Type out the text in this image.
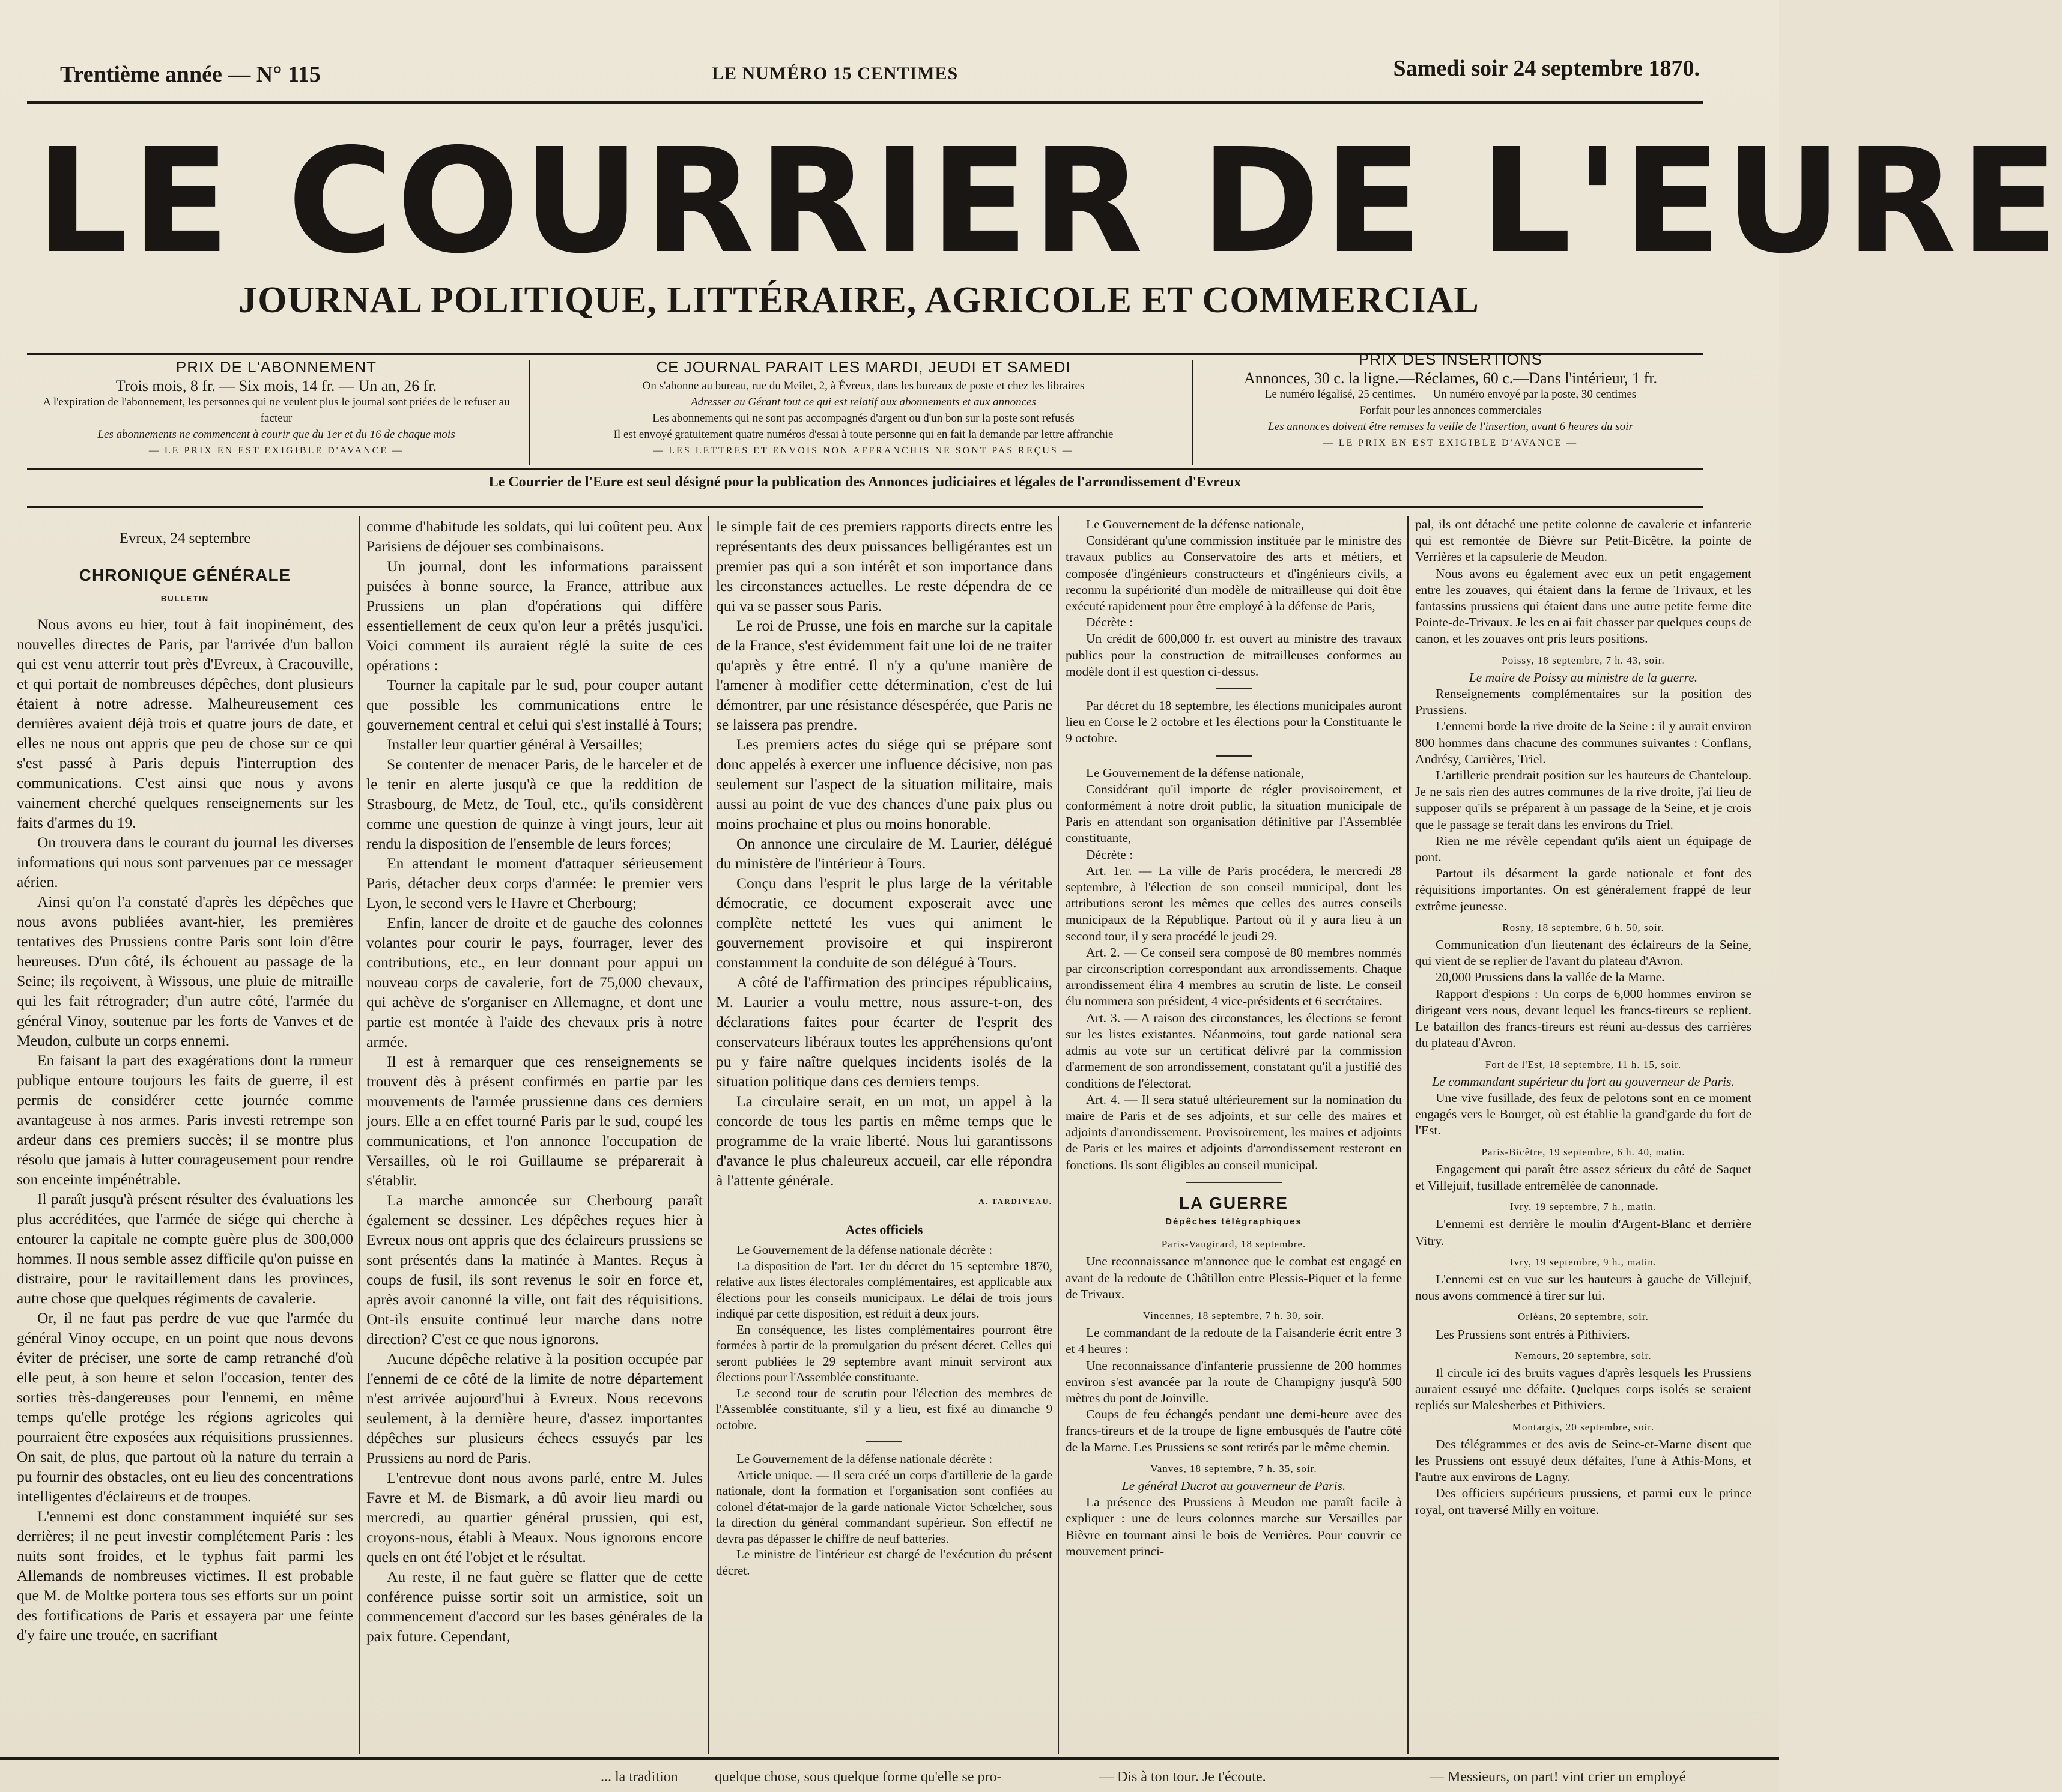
Trentième année — N° 115	LE NUMÉRO 15 CENTIMES	Samedi soir 24 septembre 1870.
LE COURRIER DE L'EURE
JOURNAL POLITIQUE, LITTÉRAIRE, AGRICOLE ET COMMERCIAL
PRIX DE L'ABONNEMENT
Trois mois, 8 fr. — Six mois, 14 fr. — Un an, 26 fr.
A l'expiration de l'abonnement, les personnes qui ne veulent plus le journal sont priées de le refuser au facteur
Les abonnements ne commencent à courir que du 1er et du 16 de chaque mois
— LE PRIX EN EST EXIGIBLE D'AVANCE —
CE JOURNAL PARAIT LES MARDI, JEUDI ET SAMEDI
On s'abonne au bureau, rue du Meilet, 2, à Évreux, dans les bureaux de poste et chez les libraires
Adresser au Gérant tout ce qui est relatif aux abonnements et aux annonces
Les abonnements qui ne sont pas accompagnés d'argent ou d'un bon sur la poste sont refusés
Il est envoyé gratuitement quatre numéros d'essai à toute personne qui en fait la demande par lettre affranchie
— LES LETTRES ET ENVOIS NON AFFRANCHIS NE SONT PAS REÇUS —
PRIX DES INSERTIONS
Annonces, 30 c. la ligne.—Réclames, 60 c.—Dans l'intérieur, 1 fr.
Le numéro légalisé, 25 centimes. — Un numéro envoyé par la poste, 30 centimes
Forfait pour les annonces commerciales
Les annonces doivent être remises la veille de l'insertion, avant 6 heures du soir
— LE PRIX EN EST EXIGIBLE D'AVANCE —
Le Courrier de l'Eure est seul désigné pour la publication des Annonces judiciaires et légales de l'arrondissement d'Evreux
Evreux, 24 septembre
CHRONIQUE GÉNÉRALE
BULLETIN

Nous avons eu hier, tout à fait inopinément, des nouvelles directes de Paris, par l'arrivée d'un ballon qui est venu atterrir tout près d'Evreux, à Cracouville, et qui portait de nombreuses dépêches, dont plusieurs étaient à notre adresse. Malheureusement ces dernières avaient déjà trois et quatre jours de date, et elles ne nous ont appris que peu de chose sur ce qui s'est passé à Paris depuis l'interruption des communications. C'est ainsi que nous y avons vainement cherché quelques renseignements sur les faits d'armes du 19.

On trouvera dans le courant du journal les diverses informations qui nous sont parvenues par ce messager aérien.

Ainsi qu'on l'a constaté d'après les dépêches que nous avons publiées avant-hier, les premières tentatives des Prussiens contre Paris sont loin d'être heureuses. D'un côté, ils échouent au passage de la Seine; ils reçoivent, à Wissous, une pluie de mitraille qui les fait rétrograder; d'un autre côté, l'armée du général Vinoy, soutenue par les forts de Vanves et de Meudon, culbute un corps ennemi.

En faisant la part des exagérations dont la rumeur publique entoure toujours les faits de guerre, il est permis de considérer cette journée comme avantageuse à nos armes. Paris investi retrempe son ardeur dans ces premiers succès; il se montre plus résolu que jamais à lutter courageusement pour rendre son enceinte impénétrable.

Il paraît jusqu'à présent résulter des évaluations les plus accréditées, que l'armée de siége qui cherche à entourer la capitale ne compte guère plus de 300,000 hommes. Il nous semble assez difficile qu'on puisse en distraire, pour le ravitaillement dans les provinces, autre chose que quelques régiments de cavalerie.

Or, il ne faut pas perdre de vue que l'armée du général Vinoy occupe, en un point que nous devons éviter de préciser, une sorte de camp retranché d'où elle peut, à son heure et selon l'occasion, tenter des sorties très-dangereuses pour l'ennemi, en même temps qu'elle protége les régions agricoles qui pourraient être exposées aux réquisitions prussiennes. On sait, de plus, que partout où la nature du terrain a pu fournir des obstacles, ont eu lieu des concentrations intelligentes d'éclaireurs et de troupes.

L'ennemi est donc constamment inquiété sur ses derrières; il ne peut investir complétement Paris : les nuits sont froides, et le typhus fait parmi les Allemands de nombreuses victimes. Il est probable que M. de Moltke portera tous ses efforts sur un point des fortifications de Paris et essayera par une feinte d'y faire une trouée, en sacrifiant

comme d'habitude les soldats, qui lui coûtent peu. Aux Parisiens de déjouer ses combinaisons.

Un journal, dont les informations paraissent puisées à bonne source, la France, attribue aux Prussiens un plan d'opérations qui diffère essentiellement de ceux qu'on leur a prêtés jusqu'ici. Voici comment ils auraient réglé la suite de ces opérations :

Tourner la capitale par le sud, pour couper autant que possible les communications entre le gouvernement central et celui qui s'est installé à Tours;

Installer leur quartier général à Versailles;

Se contenter de menacer Paris, de le harceler et de le tenir en alerte jusqu'à ce que la reddition de Strasbourg, de Metz, de Toul, etc., qu'ils considèrent comme une question de quinze à vingt jours, leur ait rendu la disposition de l'ensemble de leurs forces;

En attendant le moment d'attaquer sérieusement Paris, détacher deux corps d'armée: le premier vers Lyon, le second vers le Havre et Cherbourg;

Enfin, lancer de droite et de gauche des colonnes volantes pour courir le pays, fourrager, lever des contributions, etc., en leur donnant pour appui un nouveau corps de cavalerie, fort de 75,000 chevaux, qui achève de s'organiser en Allemagne, et dont une partie est montée à l'aide des chevaux pris à notre armée.

Il est à remarquer que ces renseignements se trouvent dès à présent confirmés en partie par les mouvements de l'armée prussienne dans ces derniers jours. Elle a en effet tourné Paris par le sud, coupé les communications, et l'on annonce l'occupation de Versailles, où le roi Guillaume se préparerait à s'établir.

La marche annoncée sur Cherbourg paraît également se dessiner. Les dépêches reçues hier à Evreux nous ont appris que des éclaireurs prussiens se sont présentés dans la matinée à Mantes. Reçus à coups de fusil, ils sont revenus le soir en force et, après avoir canonné la ville, ont fait des réquisitions. Ont-ils ensuite continué leur marche dans notre direction? C'est ce que nous ignorons.

Aucune dépêche relative à la position occupée par l'ennemi de ce côté de la limite de notre département n'est arrivée aujourd'hui à Evreux. Nous recevons seulement, à la dernière heure, d'assez importantes dépêches sur plusieurs échecs essuyés par les Prussiens au nord de Paris.

L'entrevue dont nous avons parlé, entre M. Jules Favre et M. de Bismark, a dû avoir lieu mardi ou mercredi, au quartier général prussien, qui est, croyons-nous, établi à Meaux. Nous ignorons encore quels en ont été l'objet et le résultat.

Au reste, il ne faut guère se flatter que de cette conférence puisse sortir soit un armistice, soit un commencement d'accord sur les bases générales de la paix future. Cependant,

le simple fait de ces premiers rapports directs entre les représentants des deux puissances belligérantes est un premier pas qui a son intérêt et son importance dans les circonstances actuelles. Le reste dépendra de ce qui va se passer sous Paris.

Le roi de Prusse, une fois en marche sur la capitale de la France, s'est évidemment fait une loi de ne traiter qu'après y être entré. Il n'y a qu'une manière de l'amener à modifier cette détermination, c'est de lui démontrer, par une résistance désespérée, que Paris ne se laissera pas prendre.

Les premiers actes du siége qui se prépare sont donc appelés à exercer une influence décisive, non pas seulement sur l'aspect de la situation militaire, mais aussi au point de vue des chances d'une paix plus ou moins prochaine et plus ou moins honorable.

On annonce une circulaire de M. Laurier, délégué du ministère de l'intérieur à Tours.

Conçu dans l'esprit le plus large de la véritable démocratie, ce document exposerait avec une complète netteté les vues qui animent le gouvernement provisoire et qui inspireront constamment la conduite de son délégué à Tours.

A côté de l'affirmation des principes républicains, M. Laurier a voulu mettre, nous assure-t-on, des déclarations faites pour écarter de l'esprit des conservateurs libéraux toutes les appréhensions qu'ont pu y faire naître quelques incidents isolés de la situation politique dans ces derniers temps.

La circulaire serait, en un mot, un appel à la concorde de tous les partis en même temps que le programme de la vraie liberté. Nous lui garantissons d'avance le plus chaleureux accueil, car elle répondra à l'attente générale.

A. TARDIVEAU.
Actes officiels

Le Gouvernement de la défense nationale décrète :

La disposition de l'art. 1er du décret du 15 septembre 1870, relative aux listes électorales complémentaires, est applicable aux élections pour les conseils municipaux. Le délai de trois jours indiqué par cette disposition, est réduit à deux jours.

En conséquence, les listes complémentaires pourront être formées à partir de la promulgation du présent décret. Celles qui seront publiées le 29 septembre avant minuit serviront aux élections pour l'Assemblée constituante.

Le second tour de scrutin pour l'élection des membres de l'Assemblée constituante, s'il y a lieu, est fixé au dimanche 9 octobre.

Le Gouvernement de la défense nationale décrète :

Article unique. — Il sera créé un corps d'artillerie de la garde nationale, dont la formation et l'organisation sont confiées au colonel d'état-major de la garde nationale Victor Schœlcher, sous la direction du général commandant supérieur. Son effectif ne devra pas dépasser le chiffre de neuf batteries.

Le ministre de l'intérieur est chargé de l'exécution du présent décret.

Le Gouvernement de la défense nationale,

Considérant qu'une commission instituée par le ministre des travaux publics au Conservatoire des arts et métiers, et composée d'ingénieurs constructeurs et d'ingénieurs civils, a reconnu la supériorité d'un modèle de mitrailleuse qui doit être exécuté rapidement pour être employé à la défense de Paris,

Décrète :

Un crédit de 600,000 fr. est ouvert au ministre des travaux publics pour la construction de mitrailleuses conformes au modèle dont il est question ci-dessus.

Par décret du 18 septembre, les élections municipales auront lieu en Corse le 2 octobre et les élections pour la Constituante le 9 octobre.

Le Gouvernement de la défense nationale,

Considérant qu'il importe de régler provisoirement, et conformément à notre droit public, la situation municipale de Paris en attendant son organisation définitive par l'Assemblée constituante,

Décrète :

Art. 1er. — La ville de Paris procédera, le mercredi 28 septembre, à l'élection de son conseil municipal, dont les attributions seront les mêmes que celles des autres conseils municipaux de la République. Partout où il y aura lieu à un second tour, il y sera procédé le jeudi 29.

Art. 2. — Ce conseil sera composé de 80 membres nommés par circonscription correspondant aux arrondissements. Chaque arrondissement élira 4 membres au scrutin de liste. Le conseil élu nommera son président, 4 vice-présidents et 6 secrétaires.

Art. 3. — A raison des circonstances, les élections se feront sur les listes existantes. Néanmoins, tout garde national sera admis au vote sur un certificat délivré par la commission d'armement de son arrondissement, constatant qu'il a justifié des conditions de l'électorat.

Art. 4. — Il sera statué ultérieurement sur la nomination du maire de Paris et de ses adjoints, et sur celle des maires et adjoints d'arrondissement. Provisoirement, les maires et adjoints de Paris et les maires et adjoints d'arrondissement resteront en fonctions. Ils sont éligibles au conseil municipal.

LA GUERRE
Dépêches télégraphiques
Paris-Vaugirard, 18 septembre.

Une reconnaissance m'annonce que le combat est engagé en avant de la redoute de Châtillon entre Plessis-Piquet et la ferme de Trivaux.

Vincennes, 18 septembre, 7 h. 30, soir.

Le commandant de la redoute de la Faisanderie écrit entre 3 et 4 heures :

Une reconnaissance d'infanterie prussienne de 200 hommes environ s'est avancée par la route de Champigny jusqu'à 500 mètres du pont de Joinville.

Coups de feu échangés pendant une demi-heure avec des francs-tireurs et de la troupe de ligne embusqués de l'autre côté de la Marne. Les Prussiens se sont retirés par le même chemin.

Vanves, 18 septembre, 7 h. 35, soir.
Le général Ducrot au gouverneur de Paris.

La présence des Prussiens à Meudon me paraît facile à expliquer : une de leurs colonnes marche sur Versailles par Bièvre en tournant ainsi le bois de Verrières. Pour couvrir ce mouvement princi-

pal, ils ont détaché une petite colonne de cavalerie et infanterie qui est remontée de Bièvre sur Petit-Bicêtre, la pointe de Verrières et la capsulerie de Meudon.

Nous avons eu également avec eux un petit engagement entre les zouaves, qui étaient dans la ferme de Trivaux, et les fantassins prussiens qui étaient dans une autre petite ferme dite Pointe-de-Trivaux. Je les en ai fait chasser par quelques coups de canon, et les zouaves ont pris leurs positions.

Poissy, 18 septembre, 7 h. 43, soir.
Le maire de Poissy au ministre de la guerre.

Renseignements complémentaires sur la position des Prussiens.

L'ennemi borde la rive droite de la Seine : il y aurait environ 800 hommes dans chacune des communes suivantes : Conflans, Andrésy, Carrières, Triel.

L'artillerie prendrait position sur les hauteurs de Chanteloup. Je ne sais rien des autres communes de la rive droite, j'ai lieu de supposer qu'ils se préparent à un passage de la Seine, et je crois que le passage se ferait dans les environs du Triel.

Rien ne me révèle cependant qu'ils aient un équipage de pont.

Partout ils désarment la garde nationale et font des réquisitions importantes. On est généralement frappé de leur extrême jeunesse.

Rosny, 18 septembre, 6 h. 50, soir.

Communication d'un lieutenant des éclaireurs de la Seine, qui vient de se replier de l'avant du plateau d'Avron.

20,000 Prussiens dans la vallée de la Marne.

Rapport d'espions : Un corps de 6,000 hommes environ se dirigeant vers nous, devant lequel les francs-tireurs se replient. Le bataillon des francs-tireurs est réuni au-dessus des carrières du plateau d'Avron.

Fort de l'Est, 18 septembre, 11 h. 15, soir.
Le commandant supérieur du fort au gouverneur de Paris.

Une vive fusillade, des feux de pelotons sont en ce moment engagés vers le Bourget, où est établie la grand'garde du fort de l'Est.

Paris-Bicêtre, 19 septembre, 6 h. 40, matin.

Engagement qui paraît être assez sérieux du côté de Saquet et Villejuif, fusillade entremêlée de canonnade.

Ivry, 19 septembre, 7 h., matin.

L'ennemi est derrière le moulin d'Argent-Blanc et derrière Vitry.

Ivry, 19 septembre, 9 h., matin.

L'ennemi est en vue sur les hauteurs à gauche de Villejuif, nous avons commencé à tirer sur lui.

Orléans, 20 septembre, soir.

Les Prussiens sont entrés à Pithiviers.

Nemours, 20 septembre, soir.

Il circule ici des bruits vagues d'après lesquels les Prussiens auraient essuyé une défaite. Quelques corps isolés se seraient repliés sur Malesherbes et Pithiviers.

Montargis, 20 septembre, soir.

Des télégrammes et des avis de Seine-et-Marne disent que les Prussiens ont essuyé deux défaites, l'une à Athis-Mons, et l'autre aux environs de Lagny.

Des officiers supérieurs prussiens, et parmi eux le prince royal, ont traversé Milly en voiture.

... la tradition	quelque chose, sous quelque forme qu'elle se pro-	— Dis à ton tour. Je t'écoute.	— Messieurs, on part! vint crier un employé
